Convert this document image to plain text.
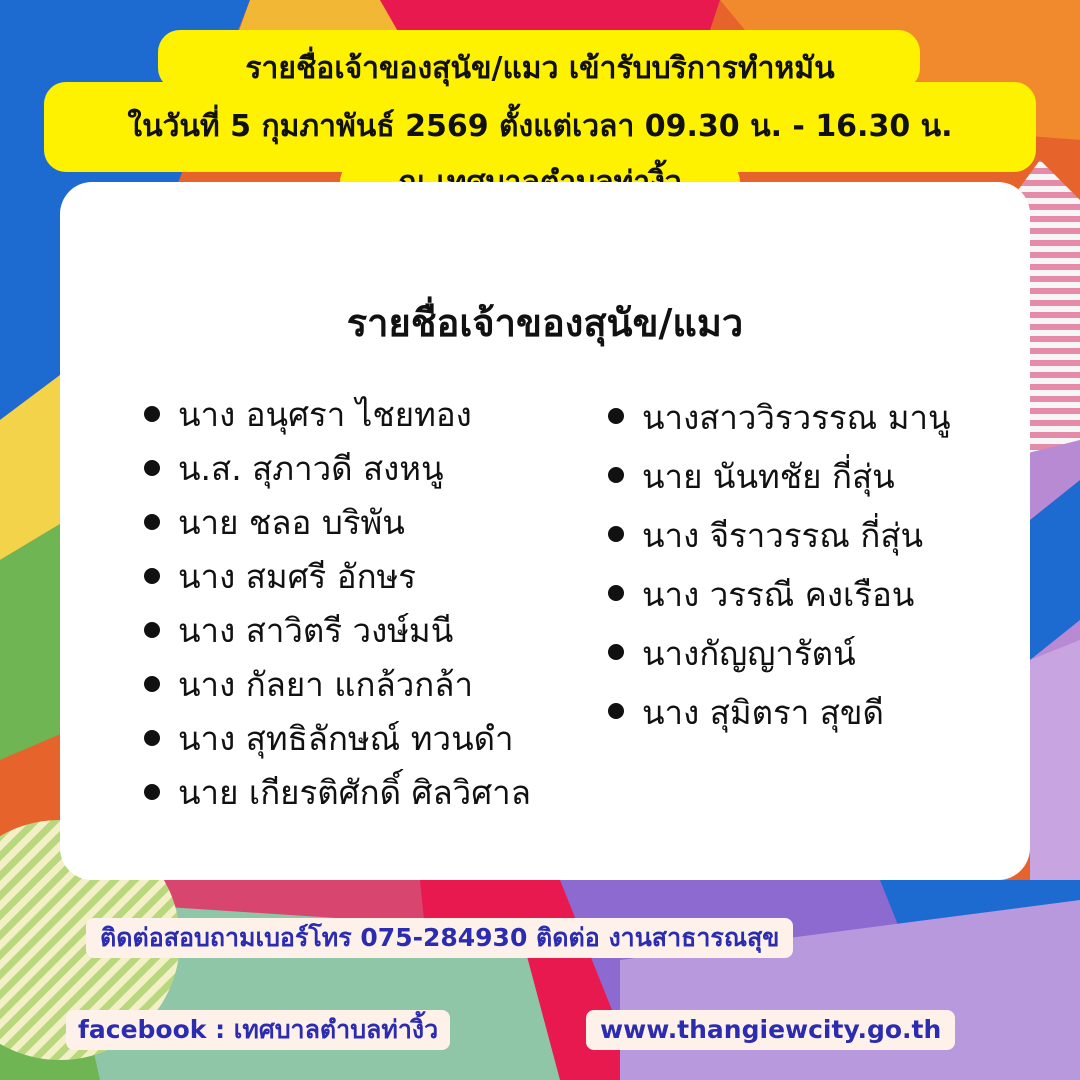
รายชื่อเจ้าของสุนัข/แมว เข้ารับบริการทำหมัน
ในวันที่ 5 กุมภาพันธ์ 2569 ตั้งแต่เวลา 09.30 น. - 16.30 น.
รายชื่อเจ้าของสุนัข/แมว
นาง อนุศรา ไชยทอง
น.ส. สุภาวดี สงหนู
นาย ชลอ บริพัน
นาง สมศรี อักษร
นาง สาวิตรี วงษ์มนี
นาง กัลยา แกล้วกล้า
นาง สุทธิลักษณ์ ทวนดำ
นาย เกียรติศักดิ์ ศิลวิศาล
นางสาววิรวรรณ มานู
นาย นันทชัย กี่สุ่น
นาง จีราวรรณ กี่สุ่น
นาง วรรณี คงเรือน
นางกัญญารัตน์
นาง สุมิตรา สุขดี
ติดต่อสอบถามเบอร์โทร 075-284930 ติดต่อ งานสาธารณสุข
facebook : เทศบาลตำบลท่างิ้ว	www.thangiewcity.go.th
